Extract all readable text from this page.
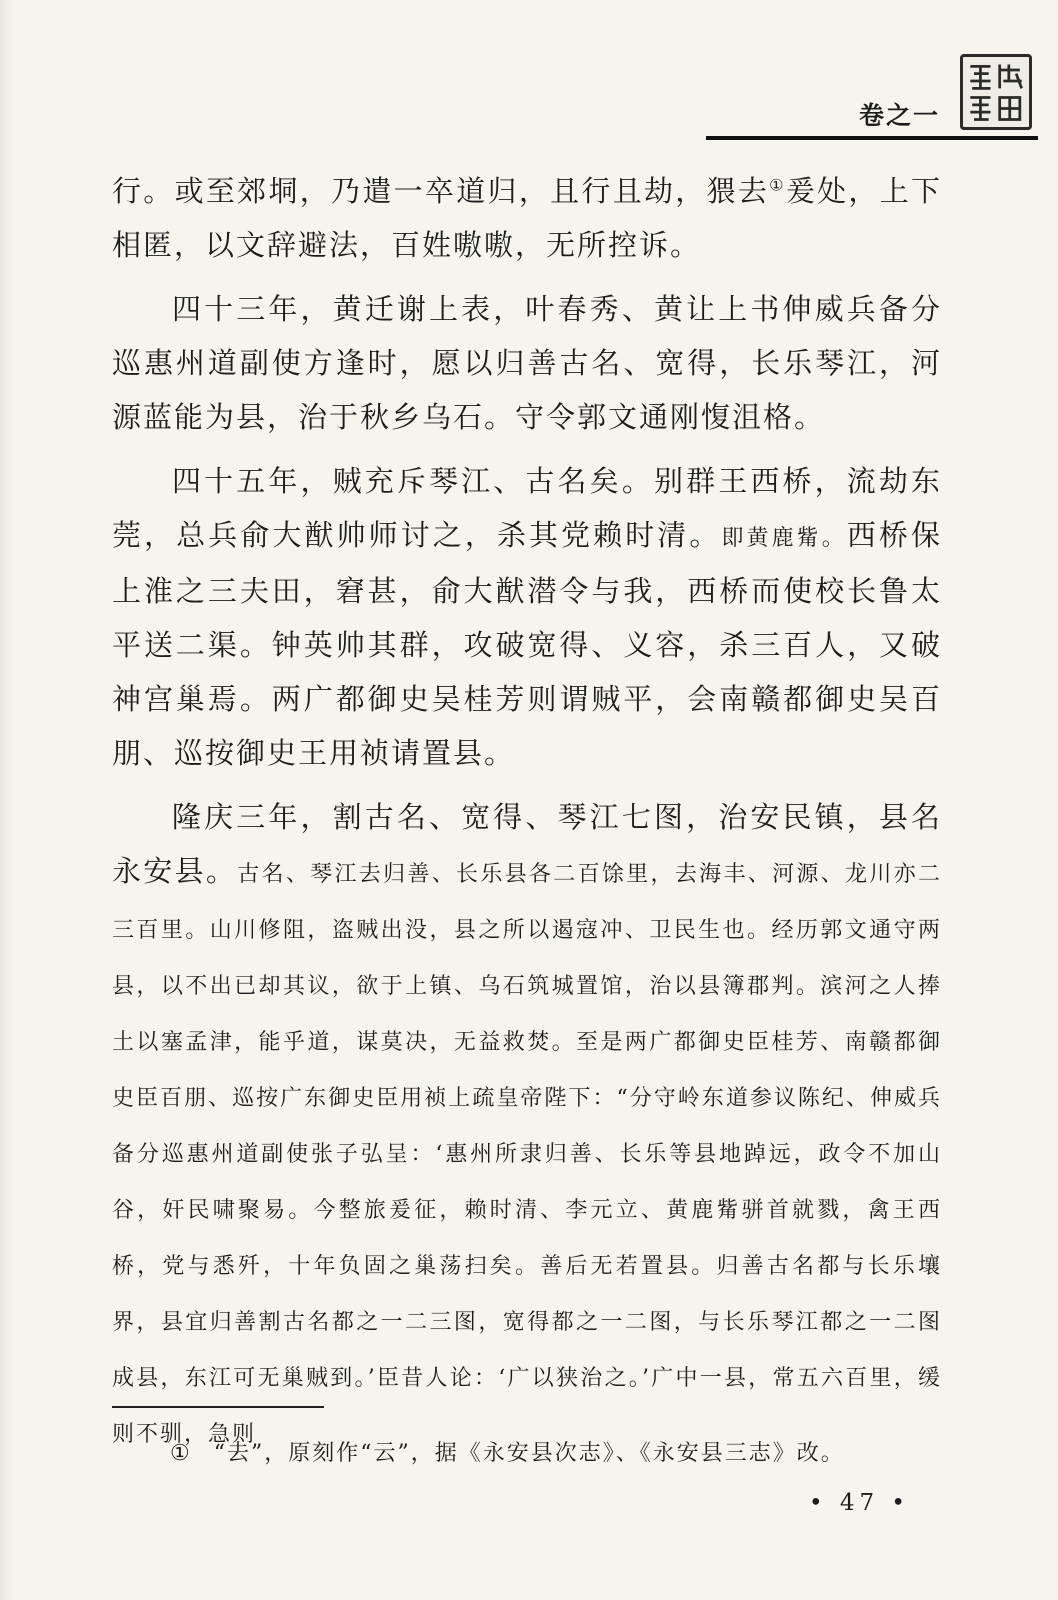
卷之一

行。或至郊垌，乃遣一卒道归，且行且劫，猥去①爰处，上下相匿，以文辞避法，百姓嗷嗷，无所控诉。

四十三年，黄迁谢上表，叶春秀、黄让上书伸威兵备分巡惠州道副使方逢时，愿以归善古名、宽得，长乐琴江，河源蓝能为县，治于秋乡乌石。守令郭文通刚愎沮格。

四十五年，贼充斥琴江、古名矣。别群王西桥，流劫东莞，总兵俞大猷帅师讨之，杀其党赖时清。即黄鹿觜。西桥保上淮之三夫田，窘甚，俞大猷潜令与我，西桥而使校长鲁太平送二渠。钟英帅其群，攻破宽得、义容，杀三百人，又破神宫巢焉。两广都御史吴桂芳则谓贼平，会南赣都御史吴百朋、巡按御史王用祯请置县。

隆庆三年，割古名、宽得、琴江七图，治安民镇，县名永安县。古名、琴江去归善、长乐县各二百馀里，去海丰、河源、龙川亦二三百里。山川修阻，盗贼出没，县之所以遏寇冲、卫民生也。经历郭文通守两县，以不出已却其议，欲于上镇、乌石筑城置馆，治以县簿郡判。滨河之人捧土以塞孟津，能乎道，谋莫决，无益救焚。至是两广都御史臣桂芳、南赣都御史臣百朋、巡按广东御史臣用祯上疏皇帝陛下：“分守岭东道参议陈纪、伸威兵备分巡惠州道副使张子弘呈：‘惠州所隶归善、长乐等县地踔远，政令不加山谷，奸民啸聚易。今整旅爰征，赖时清、李元立、黄鹿觜骈首就戮，禽王西桥，党与悉歼，十年负固之巢荡扫矣。善后无若置县。归善古名都与长乐壤界，县宜归善割古名都之一二三图，宽得都之一二图，与长乐琴江都之一二图成县，东江可无巢贼到。’臣昔人论：‘广以狭治之。’广中一县，常五六百里，缓则不驯，急则

① “去”，原刻作“云”，据《永安县次志》、《永安县三志》改。
• 47 •
